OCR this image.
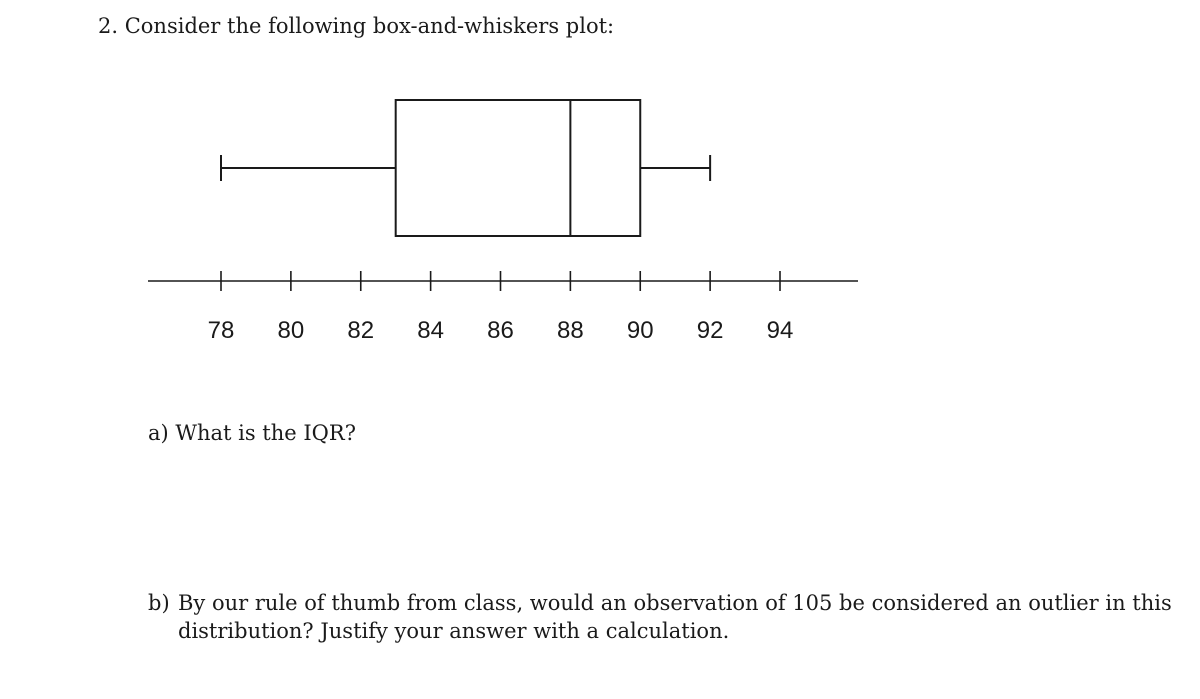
2. Consider the following box-and-whiskers plot:
78 80 82 84 86 88 90 92 94
a) What is the IQR?
b) By our rule of thumb from class, would an observation of 105 be considered an outlier in this
distribution? Justify your answer with a calculation.
